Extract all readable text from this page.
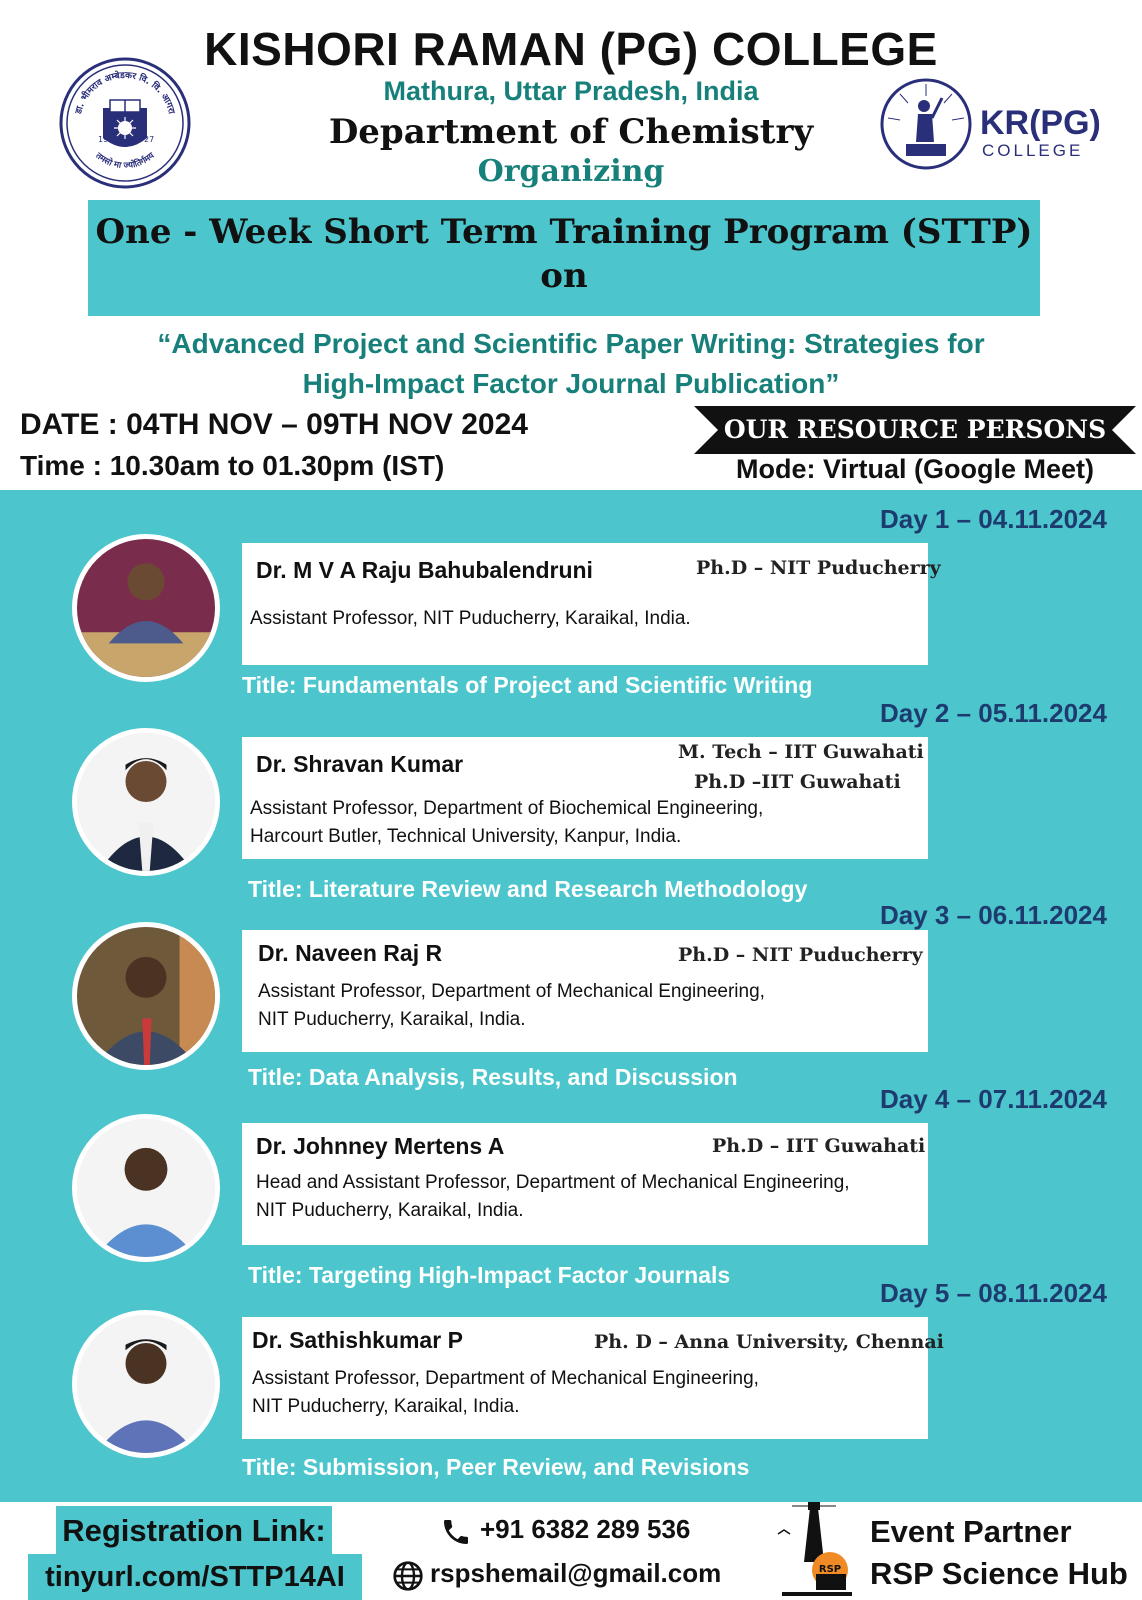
KISHORI RAMAN (PG) COLLEGE
Mathura, Uttar Pradesh, India
Department of Chemistry
Organizing
डा. भीमराव अम्बेडकर वि. वि. आगरा
तमसो मा ज्योतिर्गमय
19	27	KR(PG)
COLLEGE
One - Week Short Term Training Program (STTP)
on
“Advanced Project and Scientific Paper Writing: Strategies for
High-Impact Factor Journal Publication”
DATE : 04TH NOV – 09TH NOV 2024
Time : 10.30am to 01.30pm (IST)
OUR RESOURCE PERSONS
Mode: Virtual (Google Meet)
Day 1 – 04.11.2024
Dr. M V A Raju Bahubalendruni	Ph.D – NIT Puducherry
Assistant Professor, NIT Puducherry, Karaikal, India.
Title: Fundamentals of Project and Scientific Writing
Day 2 – 05.11.2024
Dr. Shravan Kumar	M. Tech – IIT Guwahati
Ph.D –IIT Guwahati
Assistant Professor, Department of Biochemical Engineering,
Harcourt Butler, Technical University, Kanpur, India.
Title: Literature Review and Research Methodology
Day 3 – 06.11.2024
Dr. Naveen Raj R	Ph.D – NIT Puducherry
Assistant Professor, Department of Mechanical Engineering,
NIT Puducherry, Karaikal, India.
Title: Data Analysis, Results, and Discussion
Day 4 – 07.11.2024
Dr. Johnney Mertens A	Ph.D – IIT Guwahati
Head and Assistant Professor, Department of Mechanical Engineering,
NIT Puducherry, Karaikal, India.
Title: Targeting High-Impact Factor Journals
Day 5 – 08.11.2024
Dr. Sathishkumar P	Ph. D – Anna University, Chennai
Assistant Professor, Department of Mechanical Engineering,
NIT Puducherry, Karaikal, India.
Title: Submission, Peer Review, and Revisions
Registration Link:
tinyurl.com/STTP14AI
+91 6382 289 536
rspshemail@gmail.com	RSP
Event Partner
RSP Science Hub
